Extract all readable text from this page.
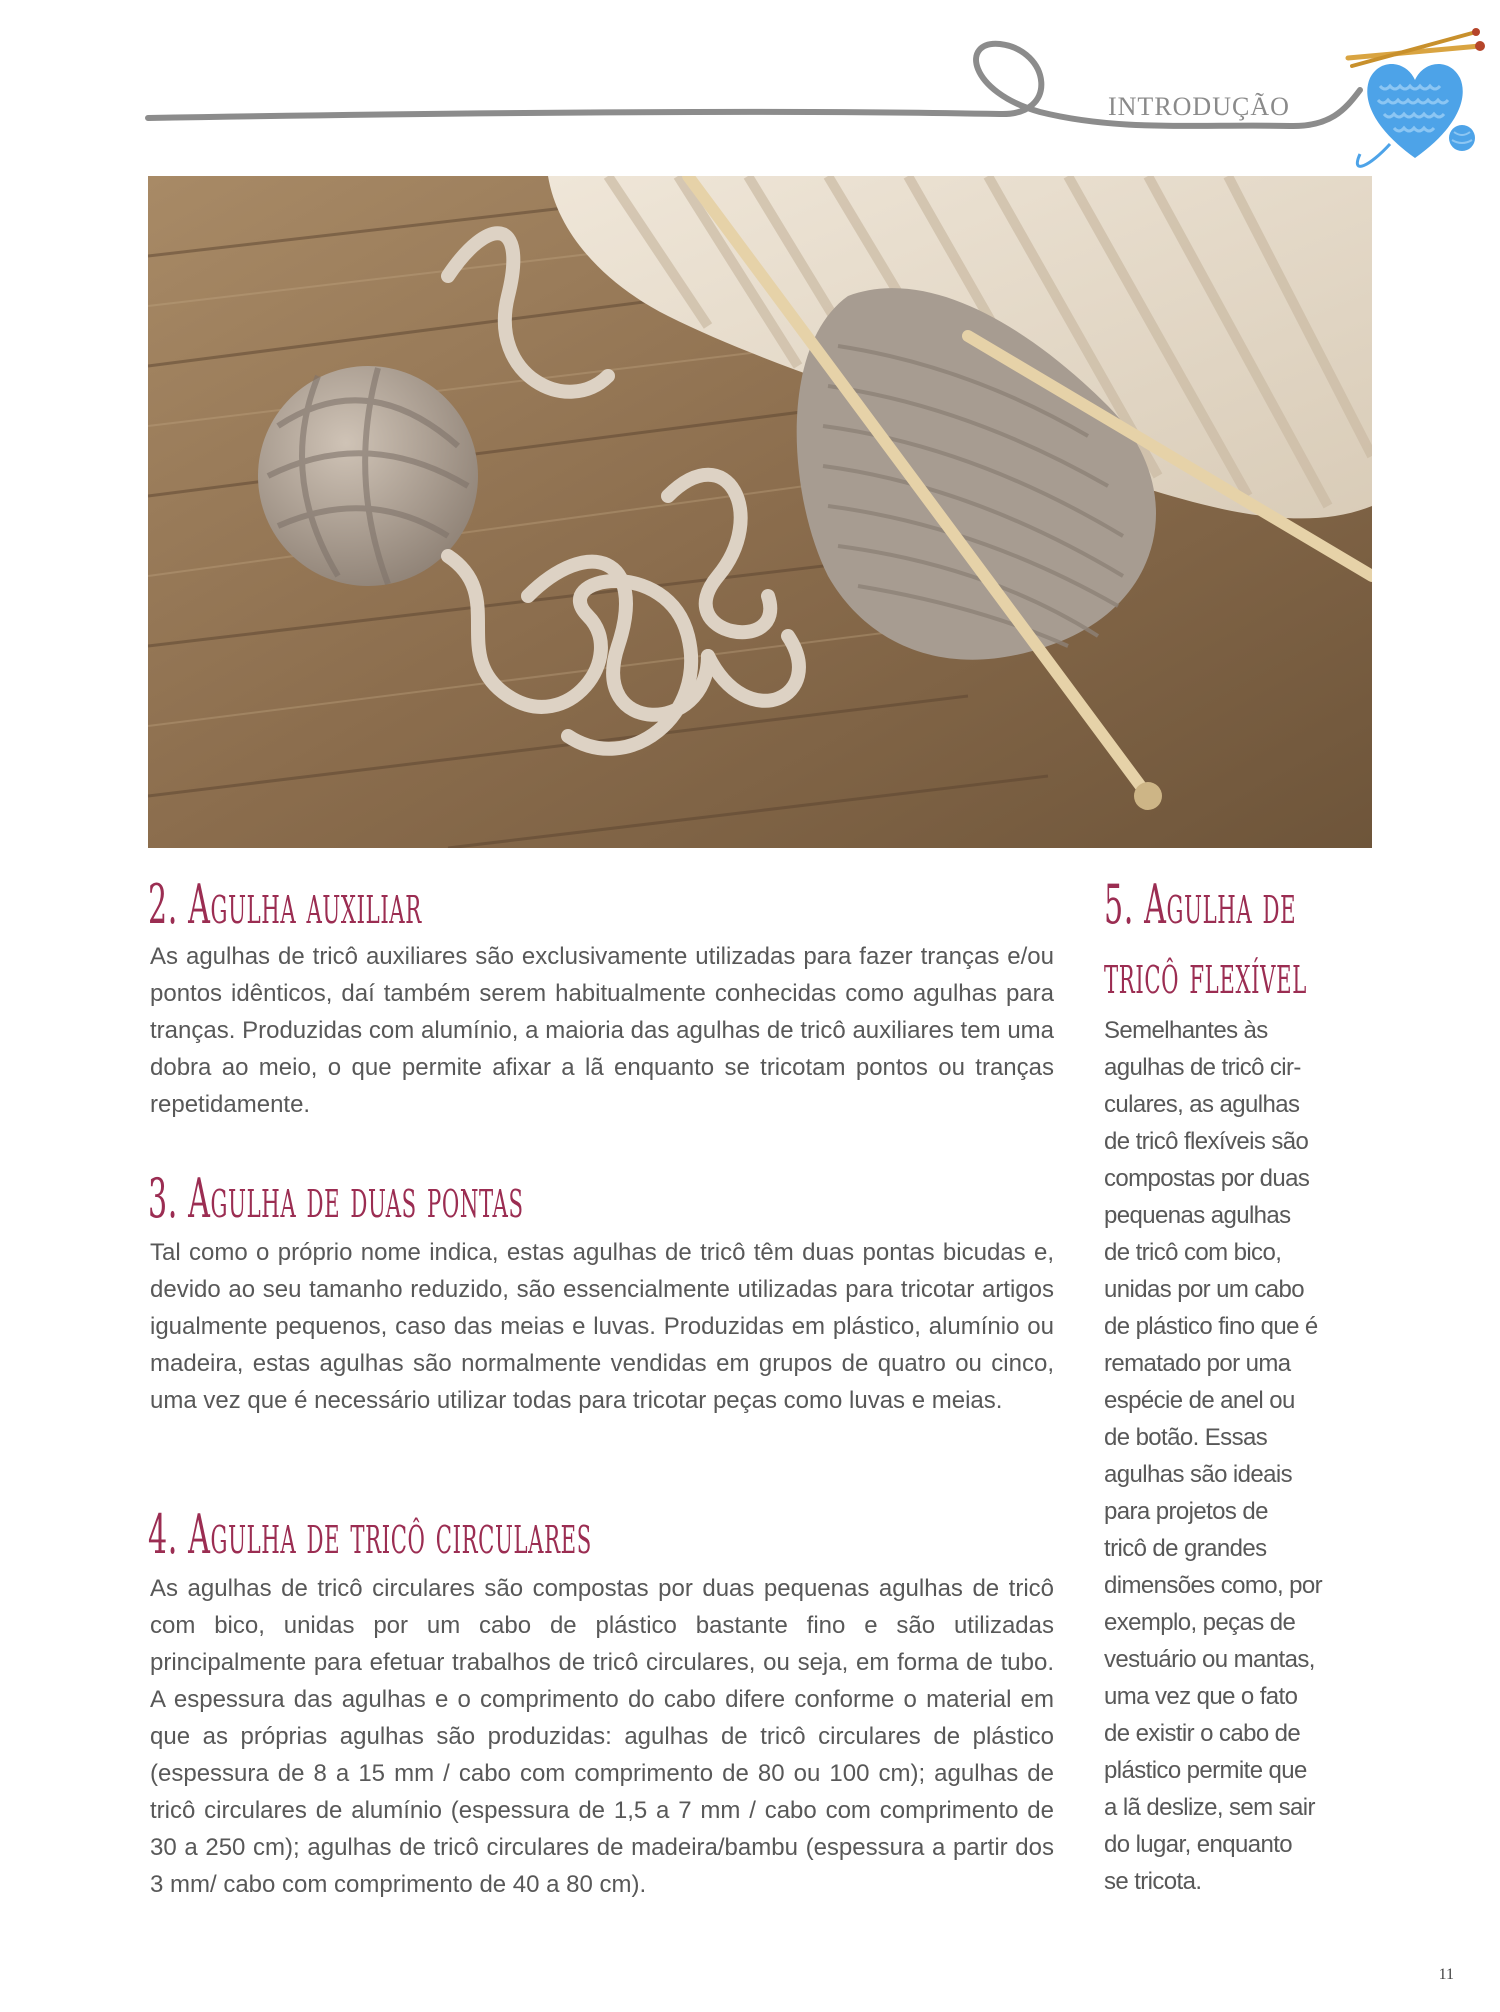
INTRODUÇÃO
2. Agulha auxiliar

As agulhas de tricô auxiliares são exclusivamente utilizadas para fazer tranças e/ou pontos idênticos, daí também serem habitualmente conhecidas como agulhas para tranças. Produzidas com alumínio, a maioria das agulhas de tricô auxiliares tem uma dobra ao meio, o que permite afixar a lã enquanto se tricotam pontos ou tranças repetidamente.

3. Agulha de duas pontas

Tal como o próprio nome indica, estas agulhas de tricô têm duas pontas bicudas e, devido ao seu tamanho reduzido, são essencialmente utilizadas para tricotar artigos igualmente pequenos, caso das meias e luvas. Produzidas em plástico, alumínio ou madeira, estas agulhas são normalmente vendidas em grupos de quatro ou cinco, uma vez que é necessário utilizar todas para tricotar peças como luvas e meias.

4. Agulha de tricô circulares

As agulhas de tricô circulares são compostas por duas pequenas agulhas de tricô com bico, unidas por um cabo de plástico bastante fino e são utilizadas principalmente para efetuar trabalhos de tricô circulares, ou seja, em forma de tubo. A espessura das agulhas e o comprimento do cabo difere conforme o material em que as próprias agulhas são produzidas: agulhas de tricô circulares de plástico (espessura de 8 a 15 mm / cabo com comprimento de 80 ou 100 cm); agulhas de tricô circulares de alumínio (espessura de 1,5 a 7 mm / cabo com comprimento de 30 a 250 cm); agulhas de tricô circulares de madeira/bambu (espessura a partir dos 3 mm/ cabo com comprimento de 40 a 80 cm).

5. Agulha de
tricô flexível
Semelhantes às
agulhas de tricô cir-
culares, as agulhas
de tricô flexíveis são
compostas por duas
pequenas agulhas
de tricô com bico,
unidas por um cabo
de plástico fino que é
rematado por uma
espécie de anel ou
de botão. Essas
agulhas são ideais
para projetos de
tricô de grandes
dimensões como, por
exemplo, peças de
vestuário ou mantas,
uma vez que o fato
de existir o cabo de
plástico permite que
a lã deslize, sem sair
do lugar, enquanto
se tricota.
11
